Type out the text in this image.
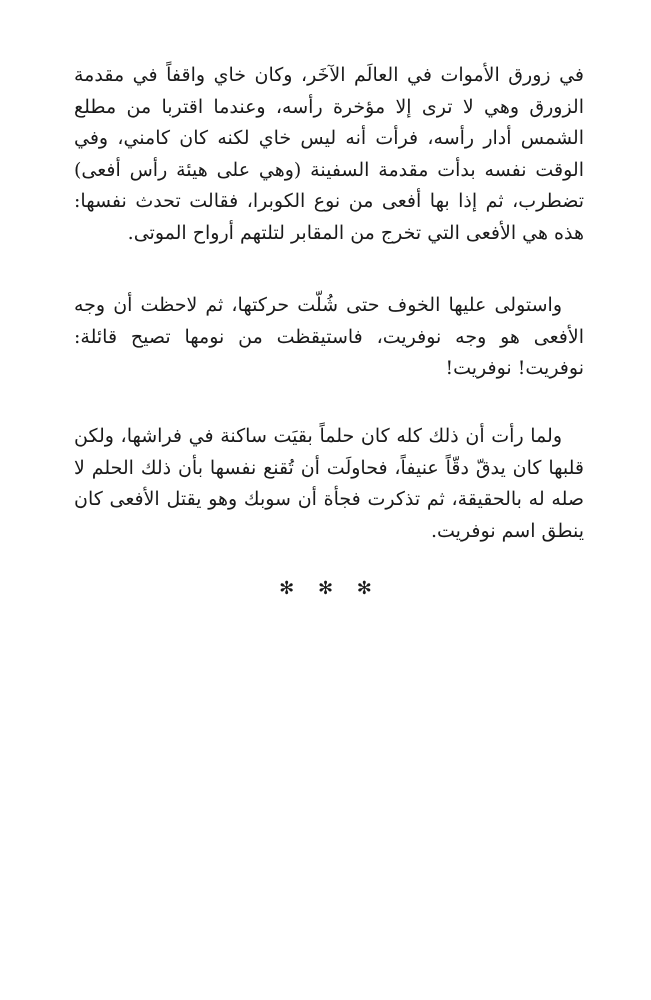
في زورق الأموات في العالَم الآخَر، وكان خاي واقفاً في مقدمة الزورق وهي لا ترى إلا مؤخرة رأسه، وعندما اقتربا من مطلع الشمس أدار رأسه، فرأت أنه ليس خاي لكنه كان كامني، وفي الوقت نفسه بدأت مقدمة السفينة (وهي على هيئة رأس أفعى) تضطرب، ثم إذا بها أفعى من نوع الكوبرا، فقالت تحدث نفسها: هذه هي الأفعى التي تخرج من المقابر لتلتهم أرواح الموتى.
واستولى عليها الخوف حتى شُلّت حركتها، ثم لاحظت أن وجه الأفعى هو وجه نوفريت، فاستيقظت من نومها تصيح قائلة: نوفريت! نوفريت!
ولما رأت أن ذلك كله كان حلماً بقيَت ساكنة في فراشها، ولكن قلبها كان يدقّ دقّاً عنيفاً، فحاولَت أن تُقنع نفسها بأن ذلك الحلم لا صله له بالحقيقة، ثم تذكرت فجأة أن سوبك وهو يقتل الأفعى كان ينطق اسم نوفريت.
✻ ✻ ✻
